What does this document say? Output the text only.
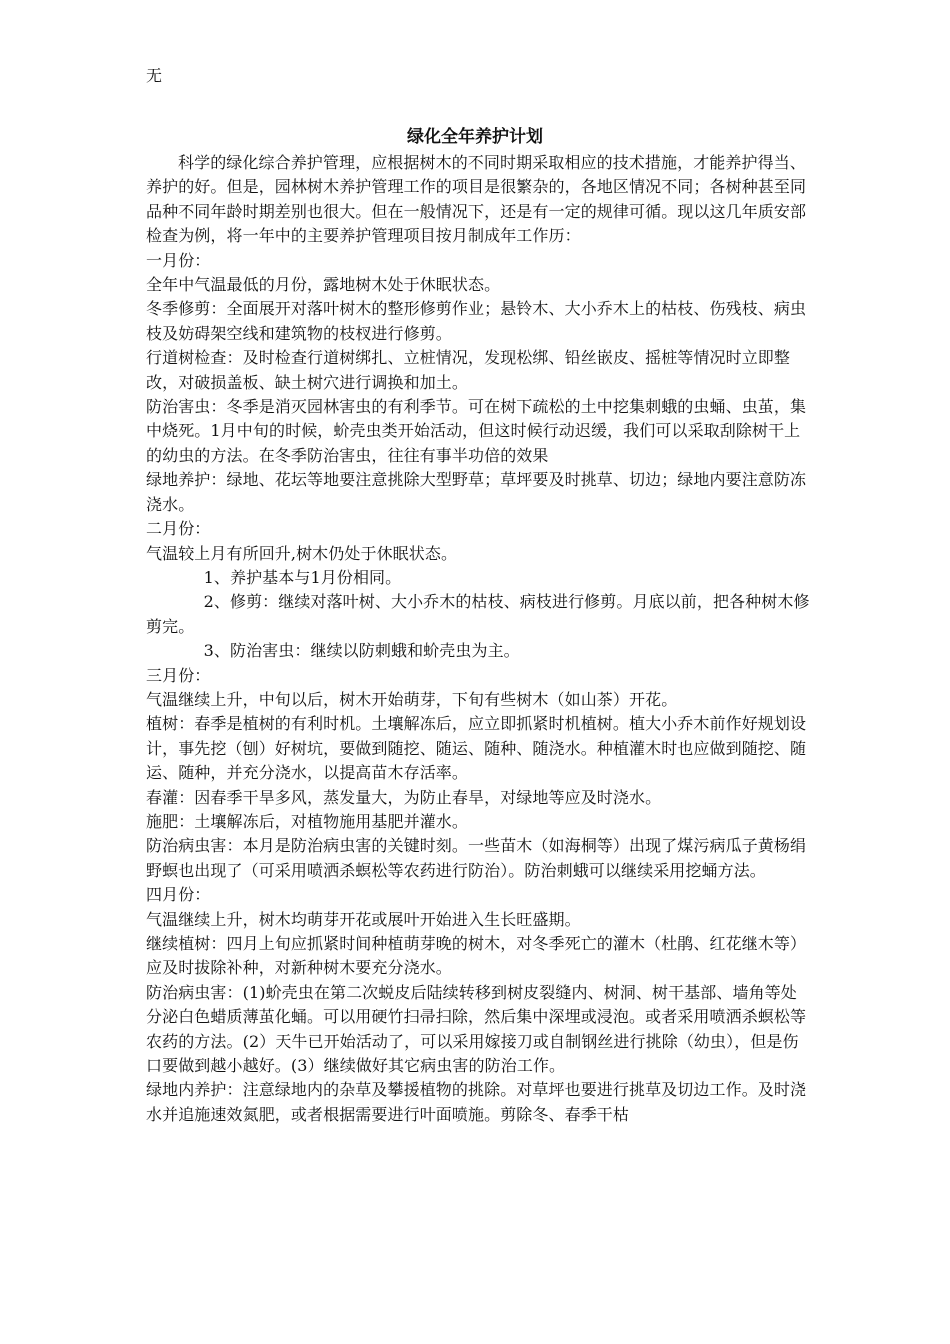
无
绿化全年养护计划

科学的绿化综合养护管理，应根据树木的不同时期采取相应的技术措施，才能养护得当、养护的好。但是，园林树木养护管理工作的项目是很繁杂的，各地区情况不同；各树种甚至同品种不同年龄时期差别也很大。但在一般情况下，还是有一定的规律可循。现以这几年质安部检查为例，将一年中的主要养护管理项目按月制成年工作历：

一月份：

全年中气温最低的月份，露地树木处于休眠状态。

冬季修剪：全面展开对落叶树木的整形修剪作业；悬铃木、大小乔木上的枯枝、伤残枝、病虫枝及妨碍架空线和建筑物的枝杈进行修剪。

行道树检查：及时检查行道树绑扎、立桩情况，发现松绑、铅丝嵌皮、摇桩等情况时立即整改，对破损盖板、缺土树穴进行调换和加土。

防治害虫：冬季是消灭园林害虫的有利季节。可在树下疏松的土中挖集刺蛾的虫蛹、虫茧，集中烧死。1月中旬的时候，蚧壳虫类开始活动，但这时候行动迟缓，我们可以采取刮除树干上的幼虫的方法。在冬季防治害虫，往往有事半功倍的效果

绿地养护：绿地、花坛等地要注意挑除大型野草；草坪要及时挑草、切边；绿地内要注意防冻浇水。

二月份：

气温较上月有所回升,树木仍处于休眠状态。

1、养护基本与1月份相同。

2、修剪：继续对落叶树、大小乔木的枯枝、病枝进行修剪。月底以前，把各种树木修剪完。

3、防治害虫：继续以防刺蛾和蚧壳虫为主。

三月份：

气温继续上升，中旬以后，树木开始萌芽，下旬有些树木（如山茶）开花。

植树：春季是植树的有利时机。土壤解冻后，应立即抓紧时机植树。植大小乔木前作好规划设计，事先挖（刨）好树坑，要做到随挖、随运、随种、随浇水。种植灌木时也应做到随挖、随运、随种，并充分浇水，以提高苗木存活率。

春灌：因春季干旱多风，蒸发量大，为防止春旱，对绿地等应及时浇水。

施肥：土壤解冻后，对植物施用基肥并灌水。

防治病虫害：本月是防治病虫害的关键时刻。一些苗木（如海桐等）出现了煤污病瓜子黄杨绢野螟也出现了（可采用喷洒杀螟松等农药进行防治）。防治刺蛾可以继续采用挖蛹方法。

四月份：

气温继续上升，树木均萌芽开花或展叶开始进入生长旺盛期。

继续植树：四月上旬应抓紧时间种植萌芽晚的树木，对冬季死亡的灌木（杜鹃、红花继木等）应及时拔除补种，对新种树木要充分浇水。

防治病虫害：(1)蚧壳虫在第二次蜕皮后陆续转移到树皮裂缝内、树洞、树干基部、墙角等处分泌白色蜡质薄茧化蛹。可以用硬竹扫帚扫除，然后集中深埋或浸泡。或者采用喷洒杀螟松等农药的方法。(2）天牛已开始活动了，可以采用嫁接刀或自制钢丝进行挑除（幼虫），但是伤口要做到越小越好。(3）继续做好其它病虫害的防治工作。

绿地内养护：注意绿地内的杂草及攀援植物的挑除。对草坪也要进行挑草及切边工作。及时浇水并追施速效氮肥，或者根据需要进行叶面喷施。剪除冬、春季干枯
